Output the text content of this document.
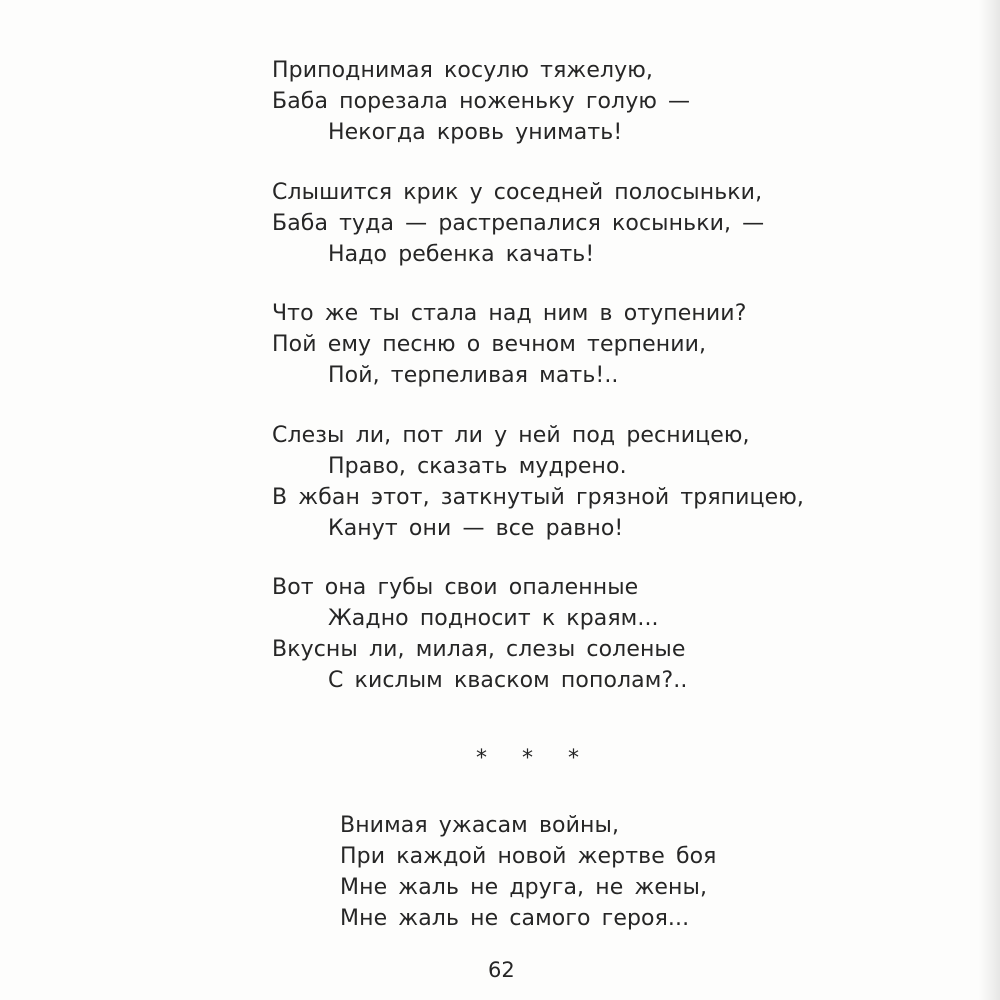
Приподнимая косулю тяжелую,
Баба порезала ноженьку голую —
Некогда кровь унимать!
Слышится крик у соседней полосыньки,
Баба туда — растрепалися косыньки, —
Надо ребенка качать!
Что же ты стала над ним в отупении?
Пой ему песню о вечном терпении,
Пой, терпеливая мать!..
Слезы ли, пот ли у ней под ресницею,
Право, сказать мудрено.
В жбан этот, заткнутый грязной тряпицею,
Канут они — все равно!
Вот она губы свои опаленные
Жадно подносит к краям...
Вкусны ли, милая, слезы соленые
С кислым кваском пополам?..
* * *
Внимая ужасам войны,
При каждой новой жертве боя
Мне жаль не друга, не жены,
Мне жаль не самого героя...
62
